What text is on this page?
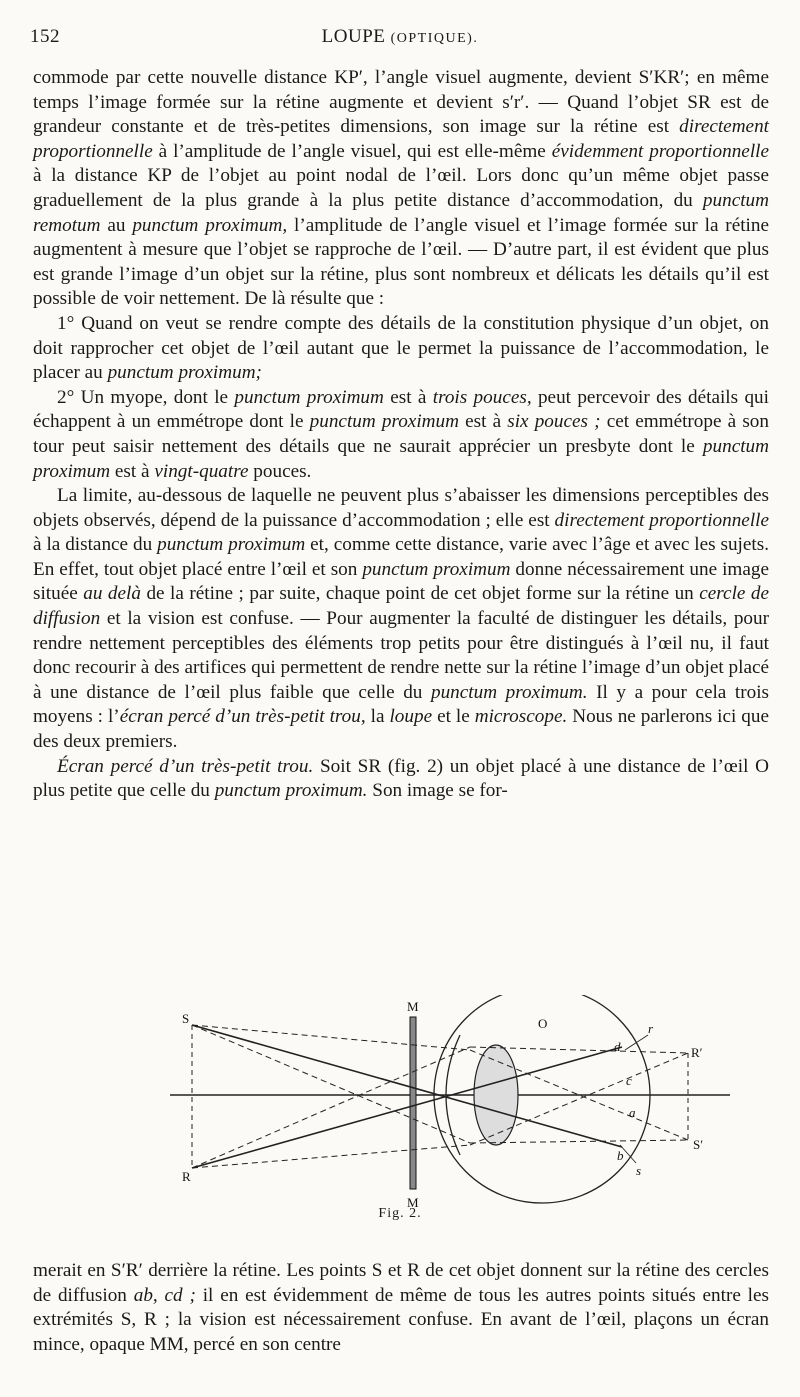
152	LOUPE (OPTIQUE).

commode par cette nouvelle distance KP′, l’angle visuel augmente, devient S′KR′; en même temps l’image formée sur la rétine augmente et devient s′r′. — Quand l’objet SR est de grandeur constante et de très-petites dimensions, son image sur la rétine est directement proportionnelle à l’amplitude de l’angle visuel, qui est elle-même évidemment proportionnelle à la distance KP de l’objet au point nodal de l’œil. Lors donc qu’un même objet passe graduellement de la plus grande à la plus petite distance d’accommodation, du punctum remotum au punctum proximum, l’amplitude de l’angle visuel et l’image formée sur la rétine augmentent à mesure que l’objet se rapproche de l’œil. — D’autre part, il est évident que plus est grande l’image d’un objet sur la rétine, plus sont nombreux et délicats les détails qu’il est possible de voir nettement. De là résulte que :

1° Quand on veut se rendre compte des détails de la constitution physique d’un objet, on doit rapprocher cet objet de l’œil autant que le permet la puissance de l’accommodation, le placer au punctum proximum;

2° Un myope, dont le punctum proximum est à trois pouces, peut percevoir des détails qui échappent à un emmétrope dont le punctum proximum est à six pouces ; cet emmétrope à son tour peut saisir nettement des détails que ne saurait apprécier un presbyte dont le punctum proximum est à vingt-quatre pouces.

La limite, au-dessous de laquelle ne peuvent plus s’abaisser les dimensions perceptibles des objets observés, dépend de la puissance d’accommodation ; elle est directement proportionnelle à la distance du punctum proximum et, comme cette distance, varie avec l’âge et avec les sujets. En effet, tout objet placé entre l’œil et son punctum proximum donne nécessairement une image située au delà de la rétine ; par suite, chaque point de cet objet forme sur la rétine un cercle de diffusion et la vision est confuse. — Pour augmenter la faculté de distinguer les détails, pour rendre nettement perceptibles des éléments trop petits pour être distingués à l’œil nu, il faut donc recourir à des artifices qui permettent de rendre nette sur la rétine l’image d’un objet placé à une distance de l’œil plus faible que celle du punctum proximum. Il y a pour cela trois moyens : l’écran percé d’un très-petit trou, la loupe et le microscope. Nous ne parlerons ici que des deux premiers.

Écran percé d’un très-petit trou. Soit SR (fig. 2) un objet placé à une distance de l’œil O plus petite que celle du punctum proximum. Son image se for-

S
R
M
M
O	r
d	R′
c
a
S′
b
s
Fig. 2.

merait en S′R′ derrière la rétine. Les points S et R de cet objet donnent sur la rétine des cercles de diffusion ab, cd ; il en est évidemment de même de tous les autres points situés entre les extrémités S, R ; la vision est nécessairement confuse. En avant de l’œil, plaçons un écran mince, opaque MM, percé en son centre
